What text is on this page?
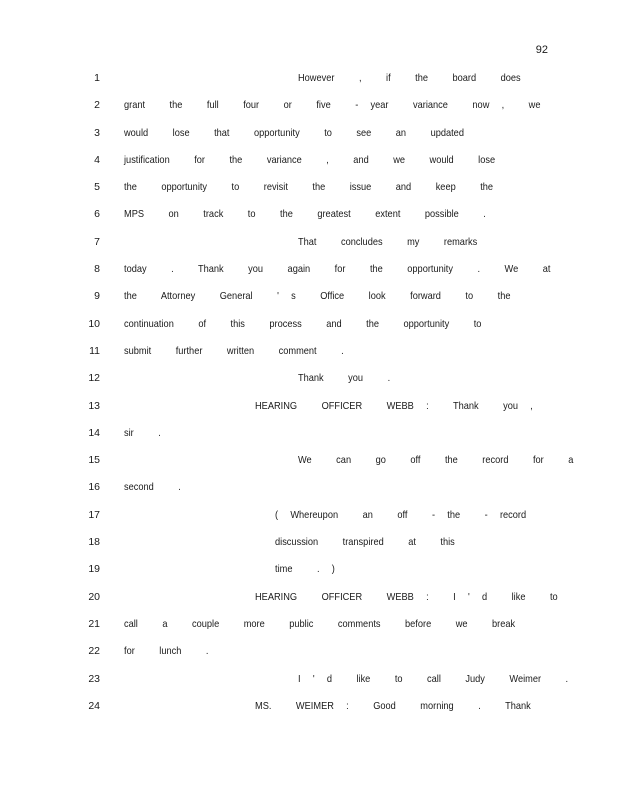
92
1	However  ,  if  the  board  does
2 grant  the  full  four  or  five  - year  variance  now ,  we
3 would  lose  that  opportunity  to  see  an  updated
4 justification  for  the  variance  ,  and  we  would  lose
5 the  opportunity  to  revisit  the  issue  and  keep  the
6 MPS  on  track  to  the  greatest  extent  possible  .
7	That  concludes  my  remarks
8 today  .  Thank  you  again  for  the  opportunity  .  We  at
9 the  Attorney  General  ' s  Office  look  forward  to  the
10 continuation  of  this  process  and  the  opportunity  to
11 submit  further  written  comment  .
12	Thank  you  .
13	HEARING  OFFICER  WEBB :  Thank  you ,
14 sir  .
15	We  can  go  off  the  record  for  a
16 second  .
17	( Whereupon  an  off  - the  - record
18	discussion  transpired  at  this
19	time  . )
20	HEARING  OFFICER  WEBB :  I ' d  like  to
21 call  a  couple  more  public  comments  before  we  break
22 for  lunch  .
23	I ' d  like  to  call  Judy  Weimer  .
24	MS.  WEIMER :  Good  morning  .  Thank
